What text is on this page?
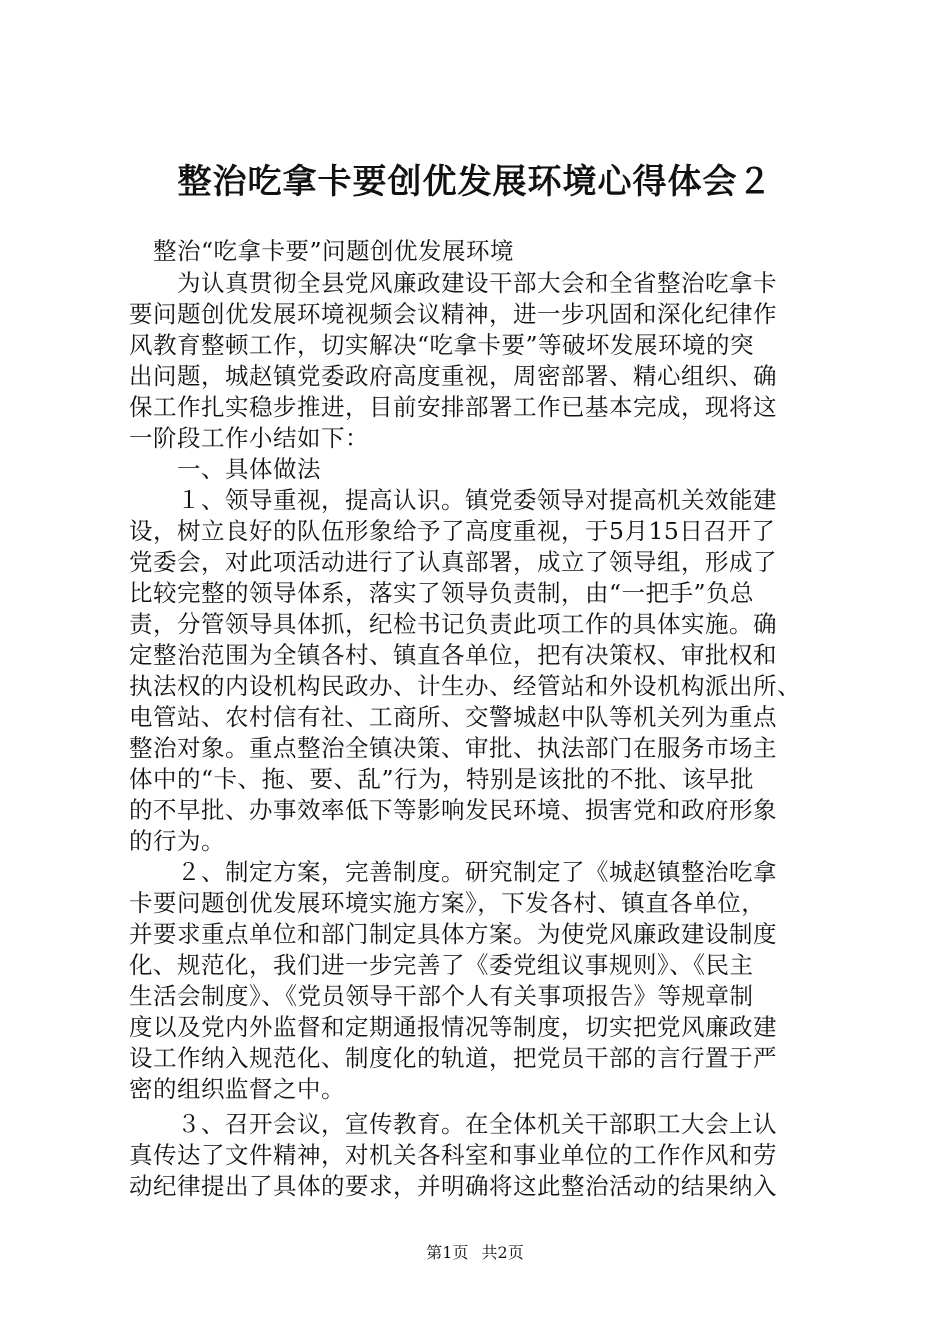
整治吃拿卡要创优发展环境心得体会２
　整治“吃拿卡要”问题创优发展环境
　　为认真贯彻全县党风廉政建设干部大会和全省整治吃拿卡
要问题创优发展环境视频会议精神，进一步巩固和深化纪律作
风教育整顿工作，切实解决“吃拿卡要”等破坏发展环境的突
出问题，城赵镇党委政府高度重视，周密部署、精心组织、确
保工作扎实稳步推进，目前安排部署工作已基本完成，现将这
一阶段工作小结如下：
　　一、具体做法
　　１、领导重视，提高认识。镇党委领导对提高机关效能建
设，树立良好的队伍形象给予了高度重视，于5月15日召开了
党委会，对此项活动进行了认真部署，成立了领导组，形成了
比较完整的领导体系，落实了领导负责制，由“一把手”负总
责，分管领导具体抓，纪检书记负责此项工作的具体实施。确
定整治范围为全镇各村、镇直各单位，把有决策权、审批权和
执法权的内设机构民政办、计生办、经管站和外设机构派出所、
电管站、农村信有社、工商所、交警城赵中队等机关列为重点
整治对象。重点整治全镇决策、审批、执法部门在服务市场主
体中的“卡、拖、要、乱”行为，特别是该批的不批、该早批
的不早批、办事效率低下等影响发民环境、损害党和政府形象
的行为。
　　２、制定方案，完善制度。研究制定了《城赵镇整治吃拿
卡要问题创优发展环境实施方案》，下发各村、镇直各单位，
并要求重点单位和部门制定具体方案。为使党风廉政建设制度
化、规范化，我们进一步完善了《委党组议事规则》、《民主
生活会制度》、《党员领导干部个人有关事项报告》等规章制
度以及党内外监督和定期通报情况等制度，切实把党风廉政建
设工作纳入规范化、制度化的轨道，把党员干部的言行置于严
密的组织监督之中。
　　３、召开会议，宣传教育。在全体机关干部职工大会上认
真传达了文件精神，对机关各科室和事业单位的工作作风和劳
动纪律提出了具体的要求，并明确将这此整治活动的结果纳入
第1页 共2页
